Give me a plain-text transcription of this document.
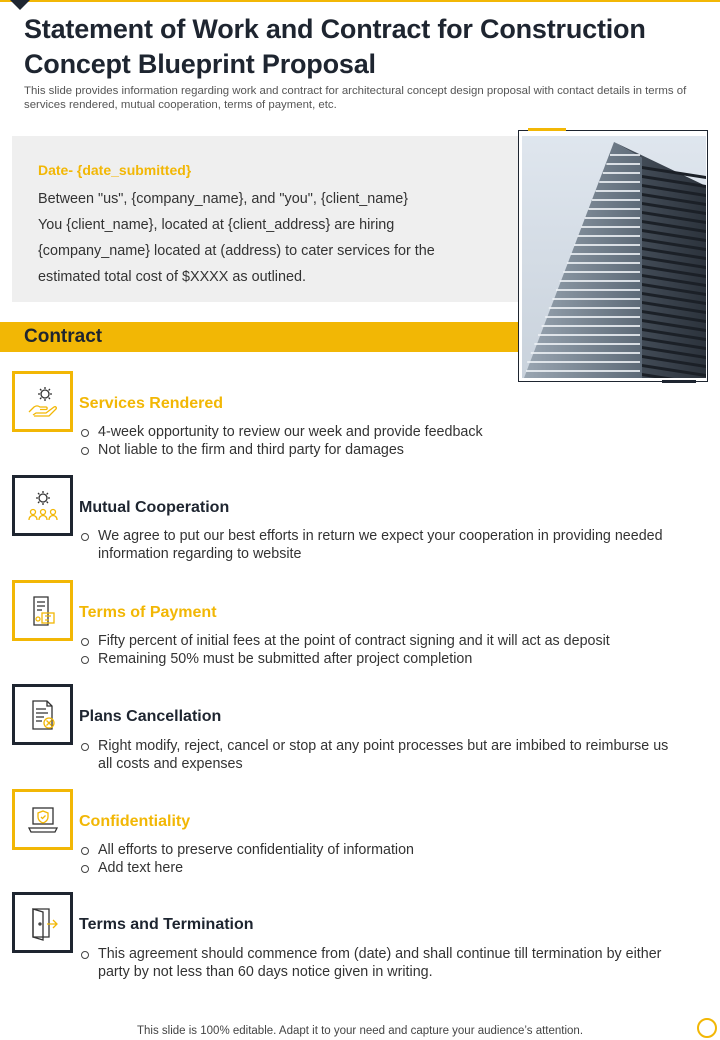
Statement of Work and Contract for Construction Concept Blueprint Proposal

This slide provides information regarding work and contract for architectural concept design proposal with contact details in terms of services rendered, mutual cooperation, terms of payment, etc.

Date- {date_submitted}
Between "us", {company_name}, and "you", {client_name}
You {client_name}, located at {client_address} are hiring
{company_name} located at (address) to cater services for the
estimated total cost of $XXXX as outlined.
Contract
Services Rendered
4-week opportunity to review our week and provide feedback
Not liable to the firm and third party for damages
Mutual Cooperation
We agree to put our best efforts in return we expect your cooperation in providing needed information regarding to website
Terms of Payment
Fifty percent of initial fees at the point of contract signing and it will act as deposit
Remaining 50% must be submitted after project completion
Plans Cancellation
Right modify, reject, cancel or stop at any point processes but are imbibed to reimburse us all costs and expenses
Confidentiality
All efforts to preserve confidentiality of information
Add text here
Terms and Termination
This agreement should commence from (date) and shall continue till termination by either party by not less than 60 days notice given in writing.
This slide is 100% editable. Adapt it to your need and capture your audience’s attention.
